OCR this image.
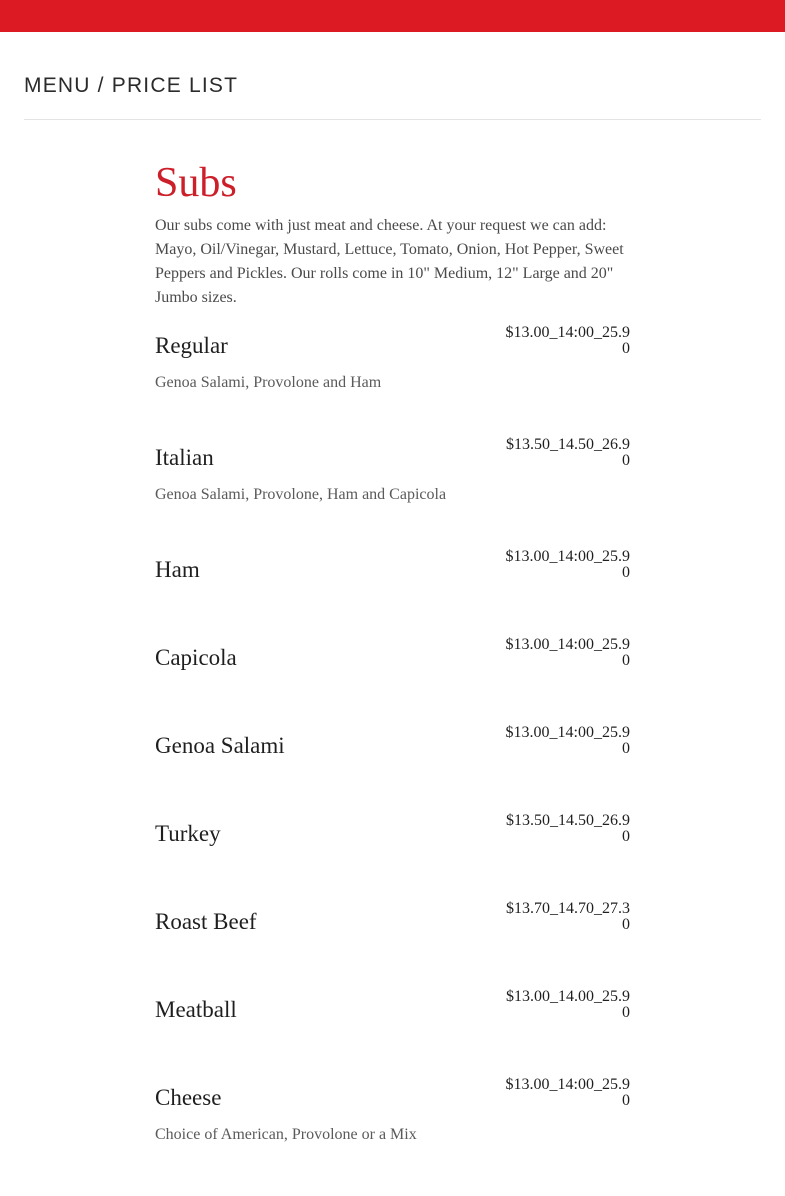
MENU / PRICE LIST
Subs

Our subs come with just meat and cheese. At your request we can add: Mayo, Oil/Vinegar, Mustard, Lettuce, Tomato, Onion, Hot Pepper, Sweet Peppers and Pickles. Our rolls come in 10" Medium, 12" Large and 20" Jumbo sizes.

Regular
$13.00_14:00_25.90
Genoa Salami, Provolone and Ham
Italian
$13.50_14.50_26.90
Genoa Salami, Provolone, Ham and Capicola
Ham
$13.00_14:00_25.90
Capicola
$13.00_14:00_25.90
Genoa Salami
$13.00_14:00_25.90
Turkey
$13.50_14.50_26.90
Roast Beef
$13.70_14.70_27.30
Meatball
$13.00_14.00_25.90
Cheese
$13.00_14:00_25.90
Choice of American, Provolone or a Mix
